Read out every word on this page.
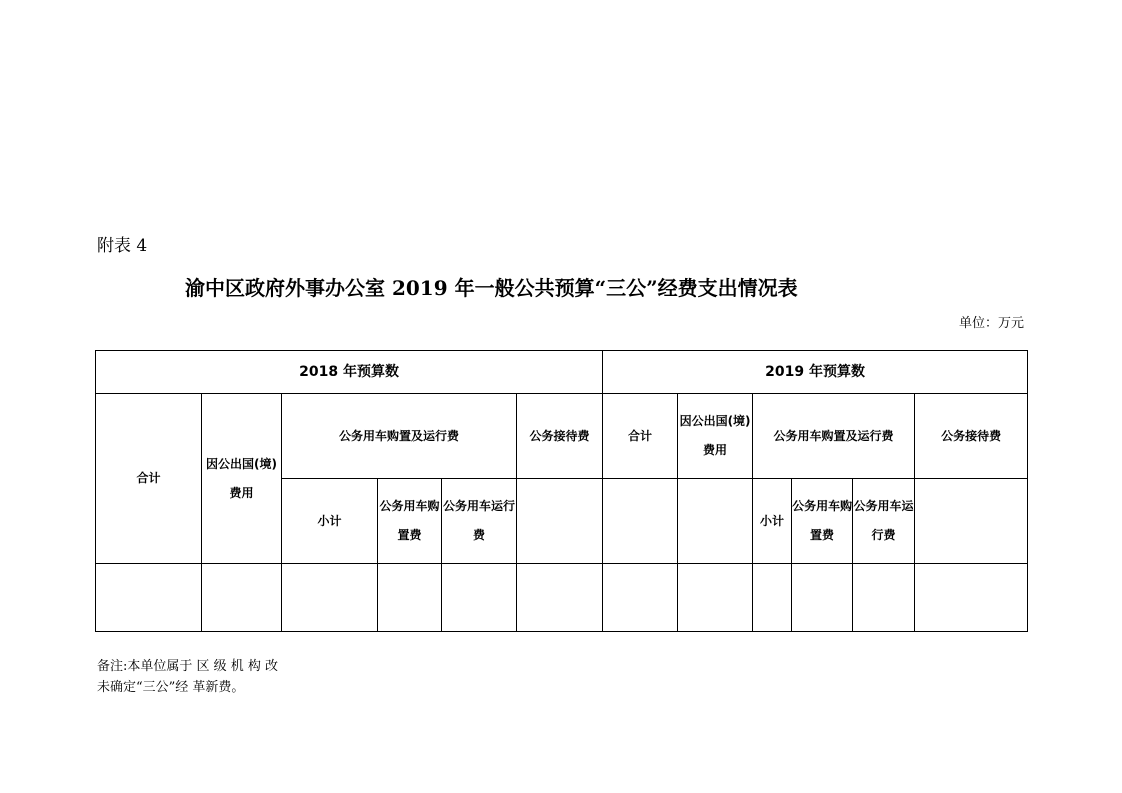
附表 4
渝中区政府外事办公室 2019 年一般公共预算“三公”经费支出情况表
单位：万元
2018 年预算数						2019 年预算数					
合计	因公出国(境)费用	公务用车购置及运行费			公务接待费	合计	因公出国(境)费用	公务用车购置及运行费			公务接待费
		小计	公务用车购置费	公务用车运行费				小计	公务用车购置费	公务用车运行费	

备注:本单位属于 区 级 机 构 改
未确定“三公”经 革新费。
